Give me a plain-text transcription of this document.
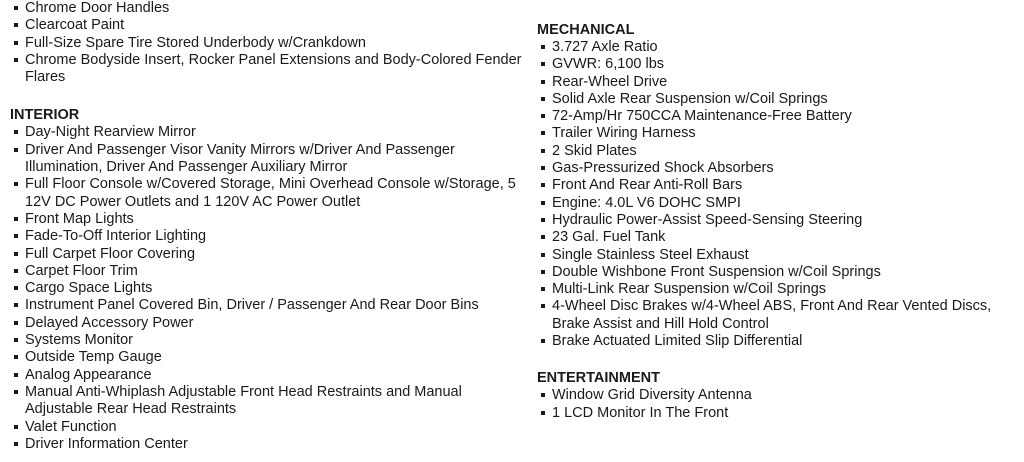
Chrome Door Handles
Clearcoat Paint
Full-Size Spare Tire Stored Underbody w/Crankdown
Chrome Bodyside Insert, Rocker Panel Extensions and Body-Colored Fender Flares
INTERIOR
Day-Night Rearview Mirror
Driver And Passenger Visor Vanity Mirrors w/Driver And Passenger Illumination, Driver And Passenger Auxiliary Mirror
Full Floor Console w/Covered Storage, Mini Overhead Console w/Storage, 5 12V DC Power Outlets and 1 120V AC Power Outlet
Front Map Lights
Fade-To-Off Interior Lighting
Full Carpet Floor Covering
Carpet Floor Trim
Cargo Space Lights
Instrument Panel Covered Bin, Driver / Passenger And Rear Door Bins
Delayed Accessory Power
Systems Monitor
Outside Temp Gauge
Analog Appearance
Manual Anti-Whiplash Adjustable Front Head Restraints and Manual Adjustable Rear Head Restraints
Valet Function
Driver Information Center
MECHANICAL
3.727 Axle Ratio
GVWR: 6,100 lbs
Rear-Wheel Drive
Solid Axle Rear Suspension w/Coil Springs
72-Amp/Hr 750CCA Maintenance-Free Battery
Trailer Wiring Harness
2 Skid Plates
Gas-Pressurized Shock Absorbers
Front And Rear Anti-Roll Bars
Engine: 4.0L V6 DOHC SMPI
Hydraulic Power-Assist Speed-Sensing Steering
23 Gal. Fuel Tank
Single Stainless Steel Exhaust
Double Wishbone Front Suspension w/Coil Springs
Multi-Link Rear Suspension w/Coil Springs
4-Wheel Disc Brakes w/4-Wheel ABS, Front And Rear Vented Discs, Brake Assist and Hill Hold Control
Brake Actuated Limited Slip Differential
ENTERTAINMENT
Window Grid Diversity Antenna
1 LCD Monitor In The Front
